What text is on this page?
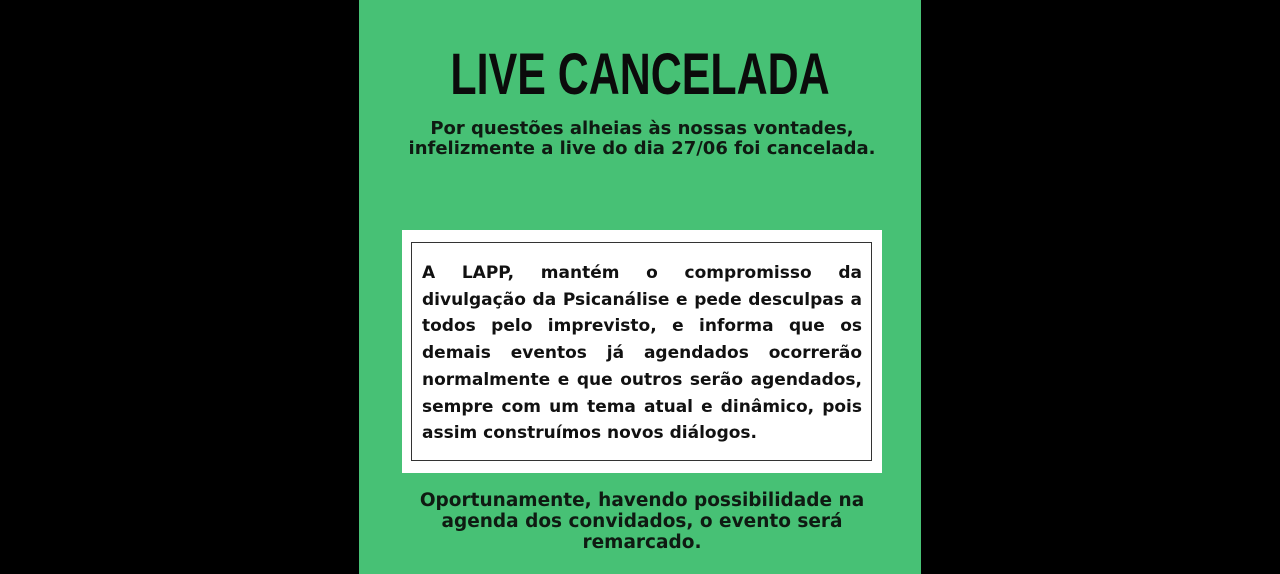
LIVE CANCELADA
Por questões alheias às nossas vontades, infelizmente a live do dia 27/06 foi cancelada.

A LAPP, mantém o compromisso da divulgação da Psicanálise e pede desculpas a todos pelo imprevisto, e informa que os demais eventos já agendados ocorrerão normalmente e que outros serão agendados, sempre com um tema atual e dinâmico, pois assim construímos novos diálogos.

Oportunamente, havendo possibilidade na agenda dos convidados, o evento será remarcado.
